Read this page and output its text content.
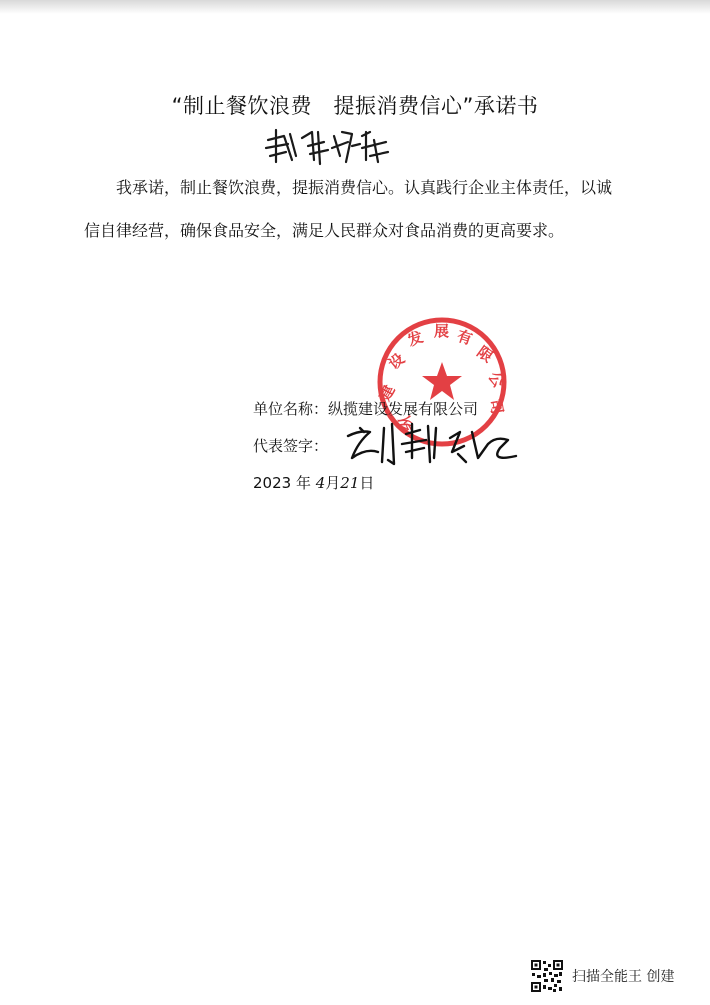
“制止餐饮浪费　提振消费信心”承诺书
我承诺，制止餐饮浪费，提振消费信心。认真践行企业主体责任，以诚信自律经营，确保食品安全，满足人民群众对食品消费的更高要求。
建
设
发 展 有
限
公
司
纵
单位名称：纵揽建设发展有限公司
代表签字：
2023 年 4月21日
扫描全能王 创建
